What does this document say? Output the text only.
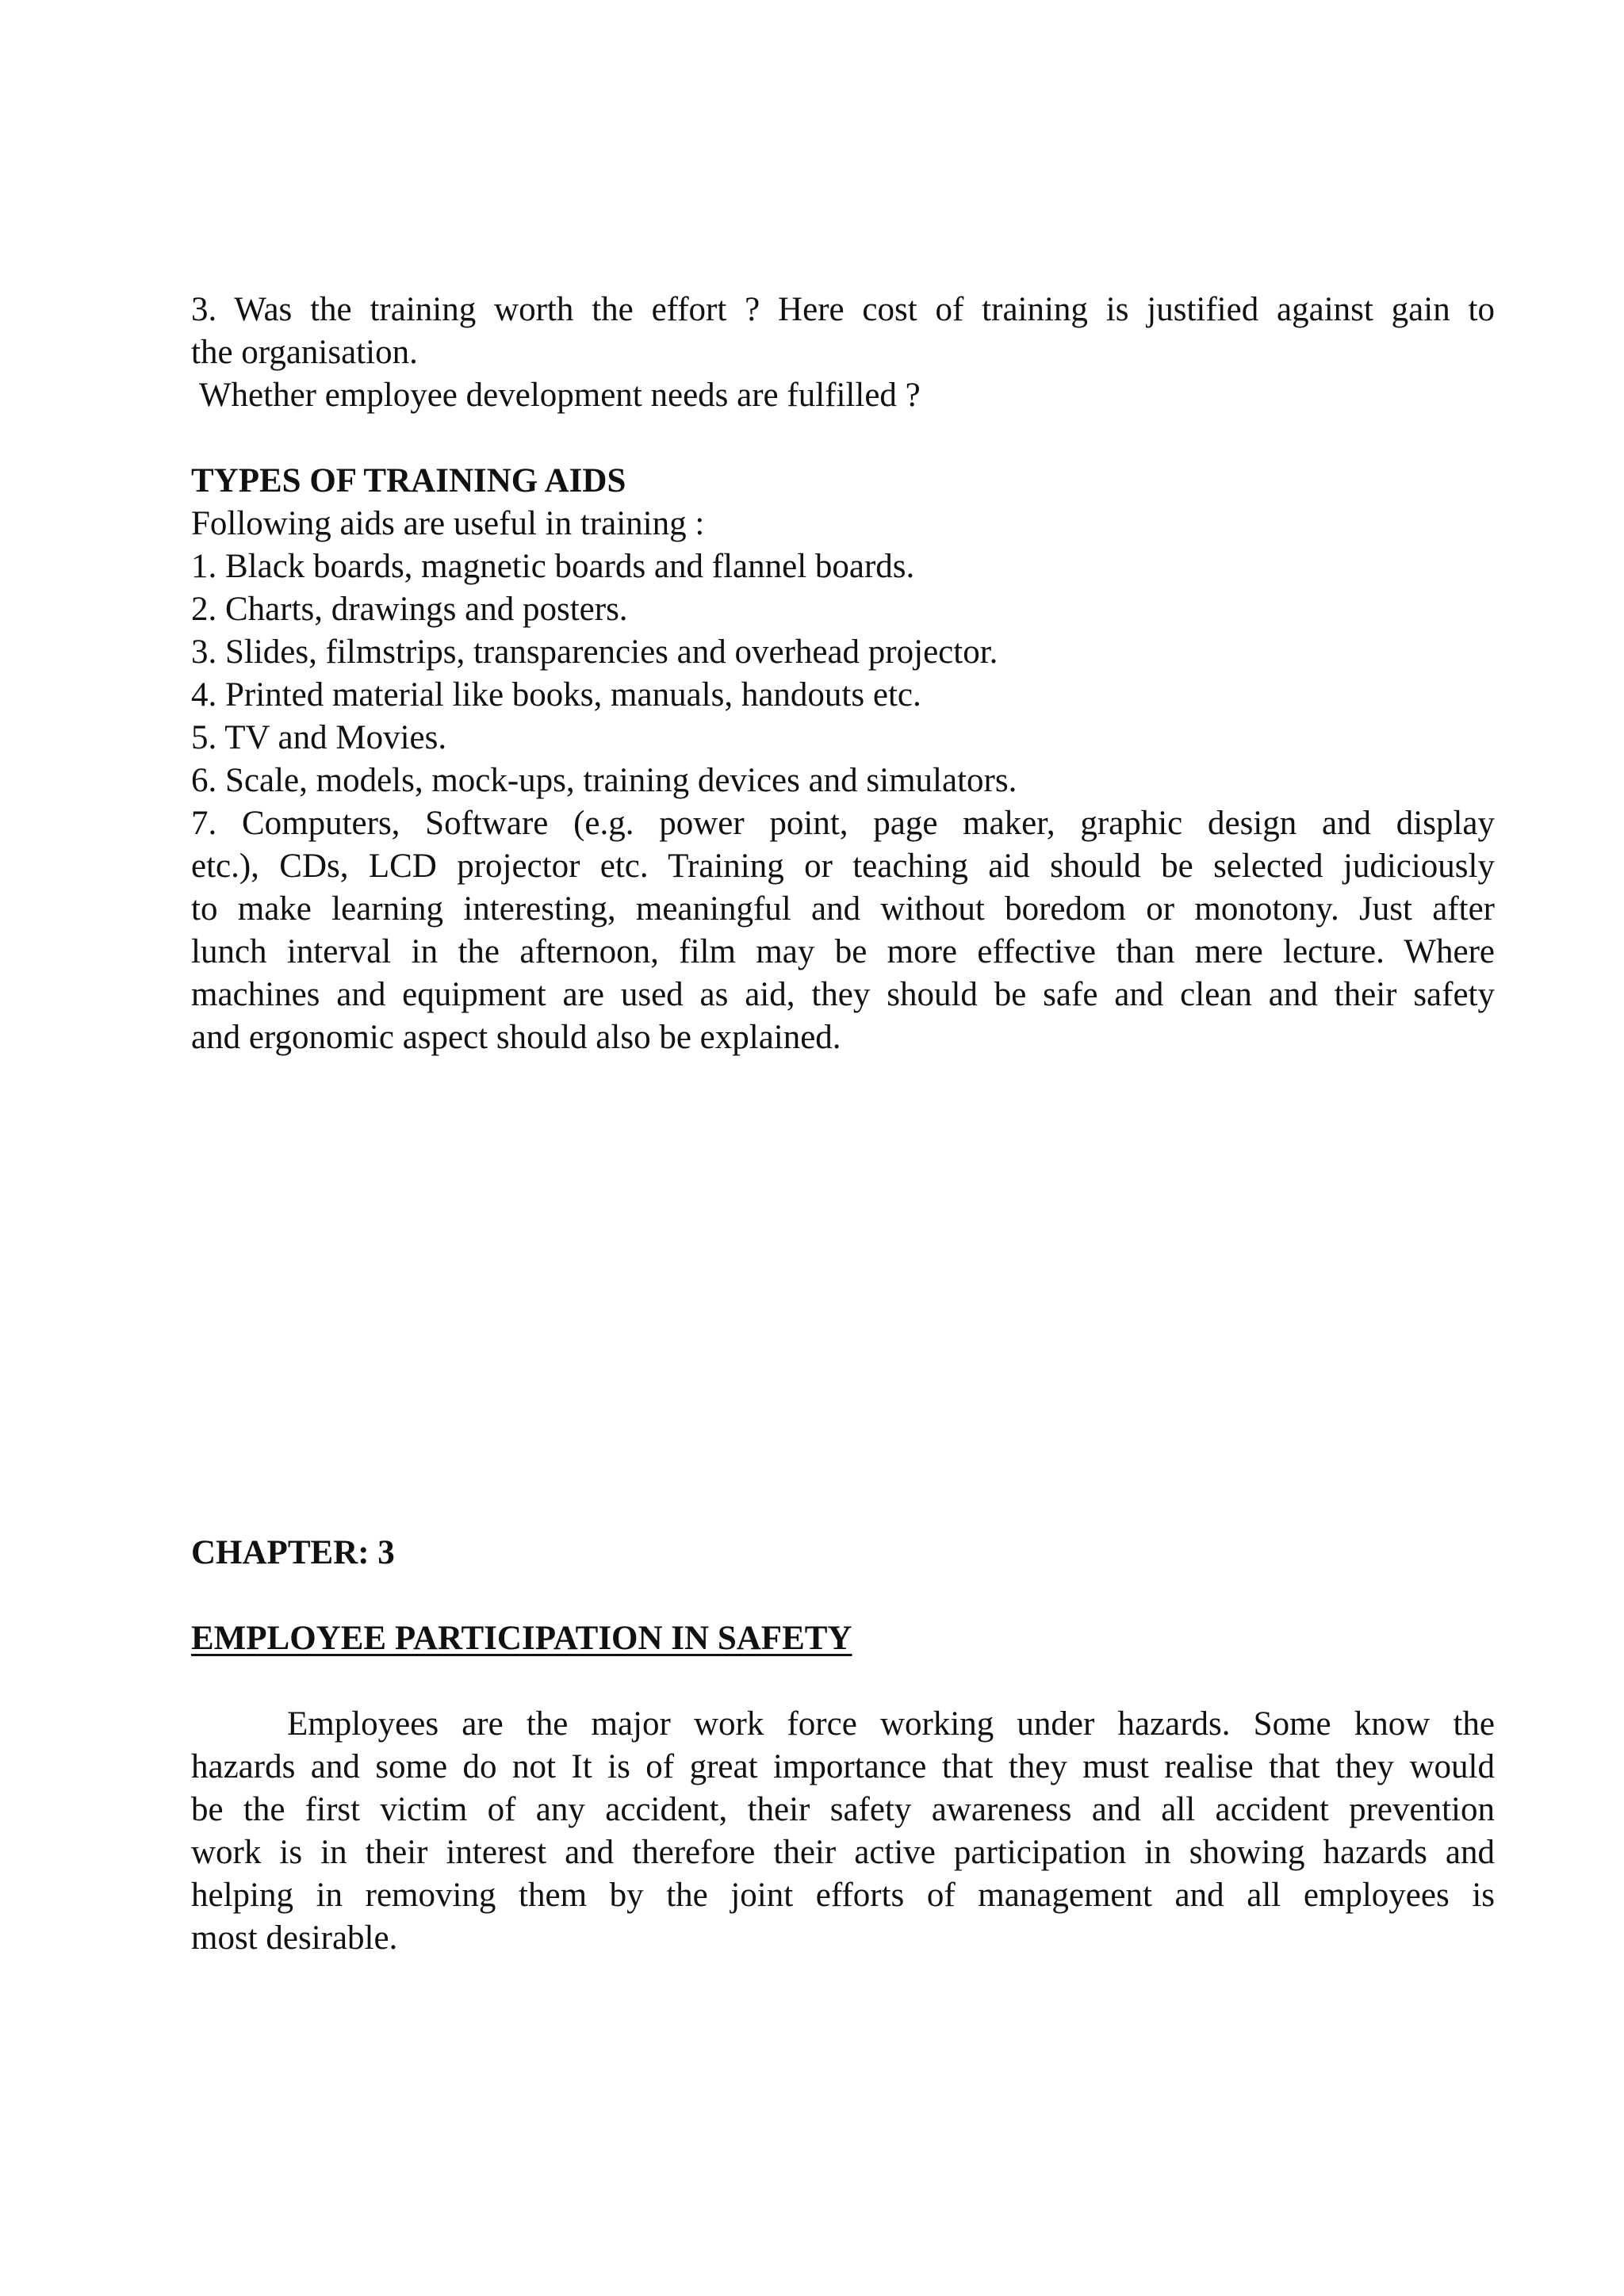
3. Was the training worth the effort ? Here cost of training is justified against gain to
the organisation.
Whether employee development needs are fulfilled ?
TYPES OF TRAINING AIDS
Following aids are useful in training :
1. Black boards, magnetic boards and flannel boards.
2. Charts, drawings and posters.
3. Slides, filmstrips, transparencies and overhead projector.
4. Printed material like books, manuals, handouts etc.
5. TV and Movies.
6. Scale, models, mock-ups, training devices and simulators.
7. Computers, Software (e.g. power point, page maker, graphic design and display
etc.), CDs, LCD projector etc. Training or teaching aid should be selected judiciously
to make learning interesting, meaningful and without boredom or monotony. Just after
lunch interval in the afternoon, film may be more effective than mere lecture. Where
machines and equipment are used as aid, they should be safe and clean and their safety
and ergonomic aspect should also be explained.
CHAPTER: 3
EMPLOYEE PARTICIPATION IN SAFETY
Employees are the major work force working under hazards. Some know the
hazards and some do not It is of great importance that they must realise that they would
be the first victim of any accident, their safety awareness and all accident prevention
work is in their interest and therefore their active participation in showing hazards and
helping in removing them by the joint efforts of management and all employees is
most desirable.
